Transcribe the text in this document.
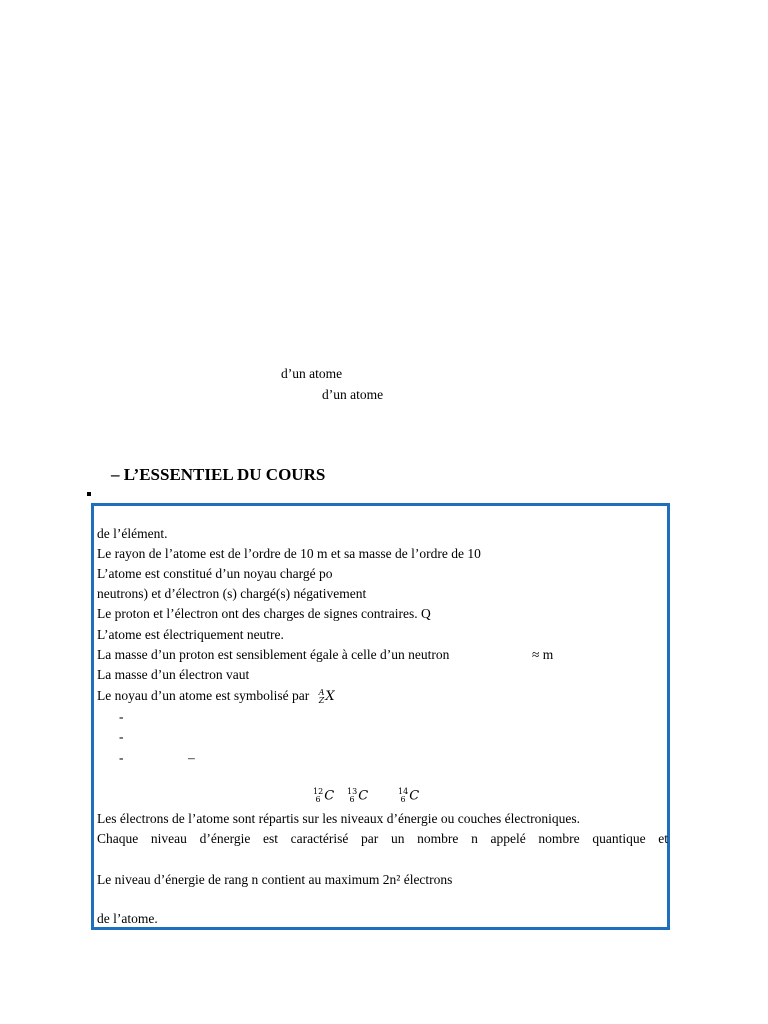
d’un atome
d’un atome
– L’ESSENTIEL DU COURS
de l’élément.
Le rayon de l’atome est de l’ordre de 10 m et sa masse de l’ordre de 10
L’atome est constitué d’un noyau chargé po
neutrons) et d’électron (s) chargé(s) négativement
Le proton et l’électron ont des charges de signes contraires. Q
L’atome est électriquement neutre.
La masse d’un proton est sensiblement égale à celle d’un neutron	≈ m
La masse d’un électron vaut
Le noyau d’un atome est symbolisé par A
Z X
-
-
-	–
12
6 C 13
6 C	14
6 C
Les électrons de l’atome sont répartis sur les niveaux d’énergie ou couches électroniques.
Chaque niveau d’énergie est caractérisé par un nombre n appelé nombre quantique et
Le niveau d’énergie de rang n contient au maximum 2n² électrons
de l’atome.
